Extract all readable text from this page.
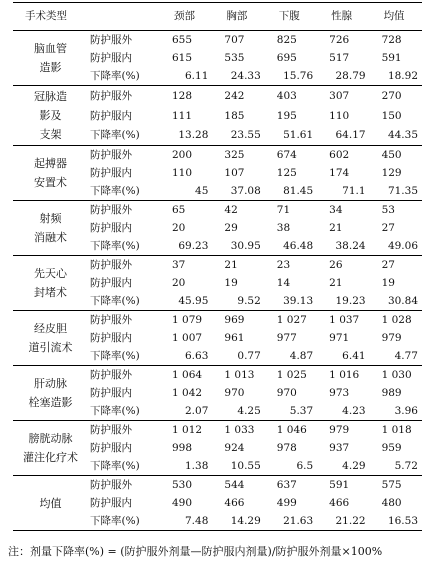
手术类型		颈部	胸部	下腹	性腺	均值

脑血管
造影	防护服外	655	707	825	726	728
	防护服内	615	535	695	517	591
	下降率(%)	6.11	24.33	15.76	28.79	18.92

冠脉造
影及
支架	防护服外	128	242	403	307	270
	防护服内	111	185	195	110	150
	下降率(%)	13.28	23.55	51.61	64.17	44.35

起搏器
安置术	防护服外	200	325	674	602	450
	防护服内	110	107	125	174	129
	下降率(%)	45	37.08	81.45	71.1	71.35

射频
消融术	防护服外	65	42	71	34	53
	防护服内	20	29	38	21	27
	下降率(%)	69.23	30.95	46.48	38.24	49.06

先天心
封堵术	防护服外	37	21	23	26	27
	防护服内	20	19	14	21	19
	下降率(%)	45.95	9.52	39.13	19.23	30.84

经皮胆
道引流术	防护服外	1 079	969	1 027	1 037	1 028
	防护服内	1 007	961	977	971	979
	下降率(%)	6.63	0.77	4.87	6.41	4.77

肝动脉
栓塞造影	防护服外	1 064	1 013	1 025	1 016	1 030
	防护服内	1 042	970	970	973	989
	下降率(%)	2.07	4.25	5.37	4.23	3.96

膀胱动脉
灌注化疗术	防护服外	1 012	1 033	1 046	979	1 018
	防护服内	998	924	978	937	959
	下降率(%)	1.38	10.55	6.5	4.29	5.72

均值	防护服外	530	544	637	591	575
	防护服内	490	466	499	466	480
	下降率(%)	7.48	14.29	21.63	21.22	16.53
注：剂量下降率(%) = (防护服外剂量—防护服内剂量)/防护服外剂量×100%
